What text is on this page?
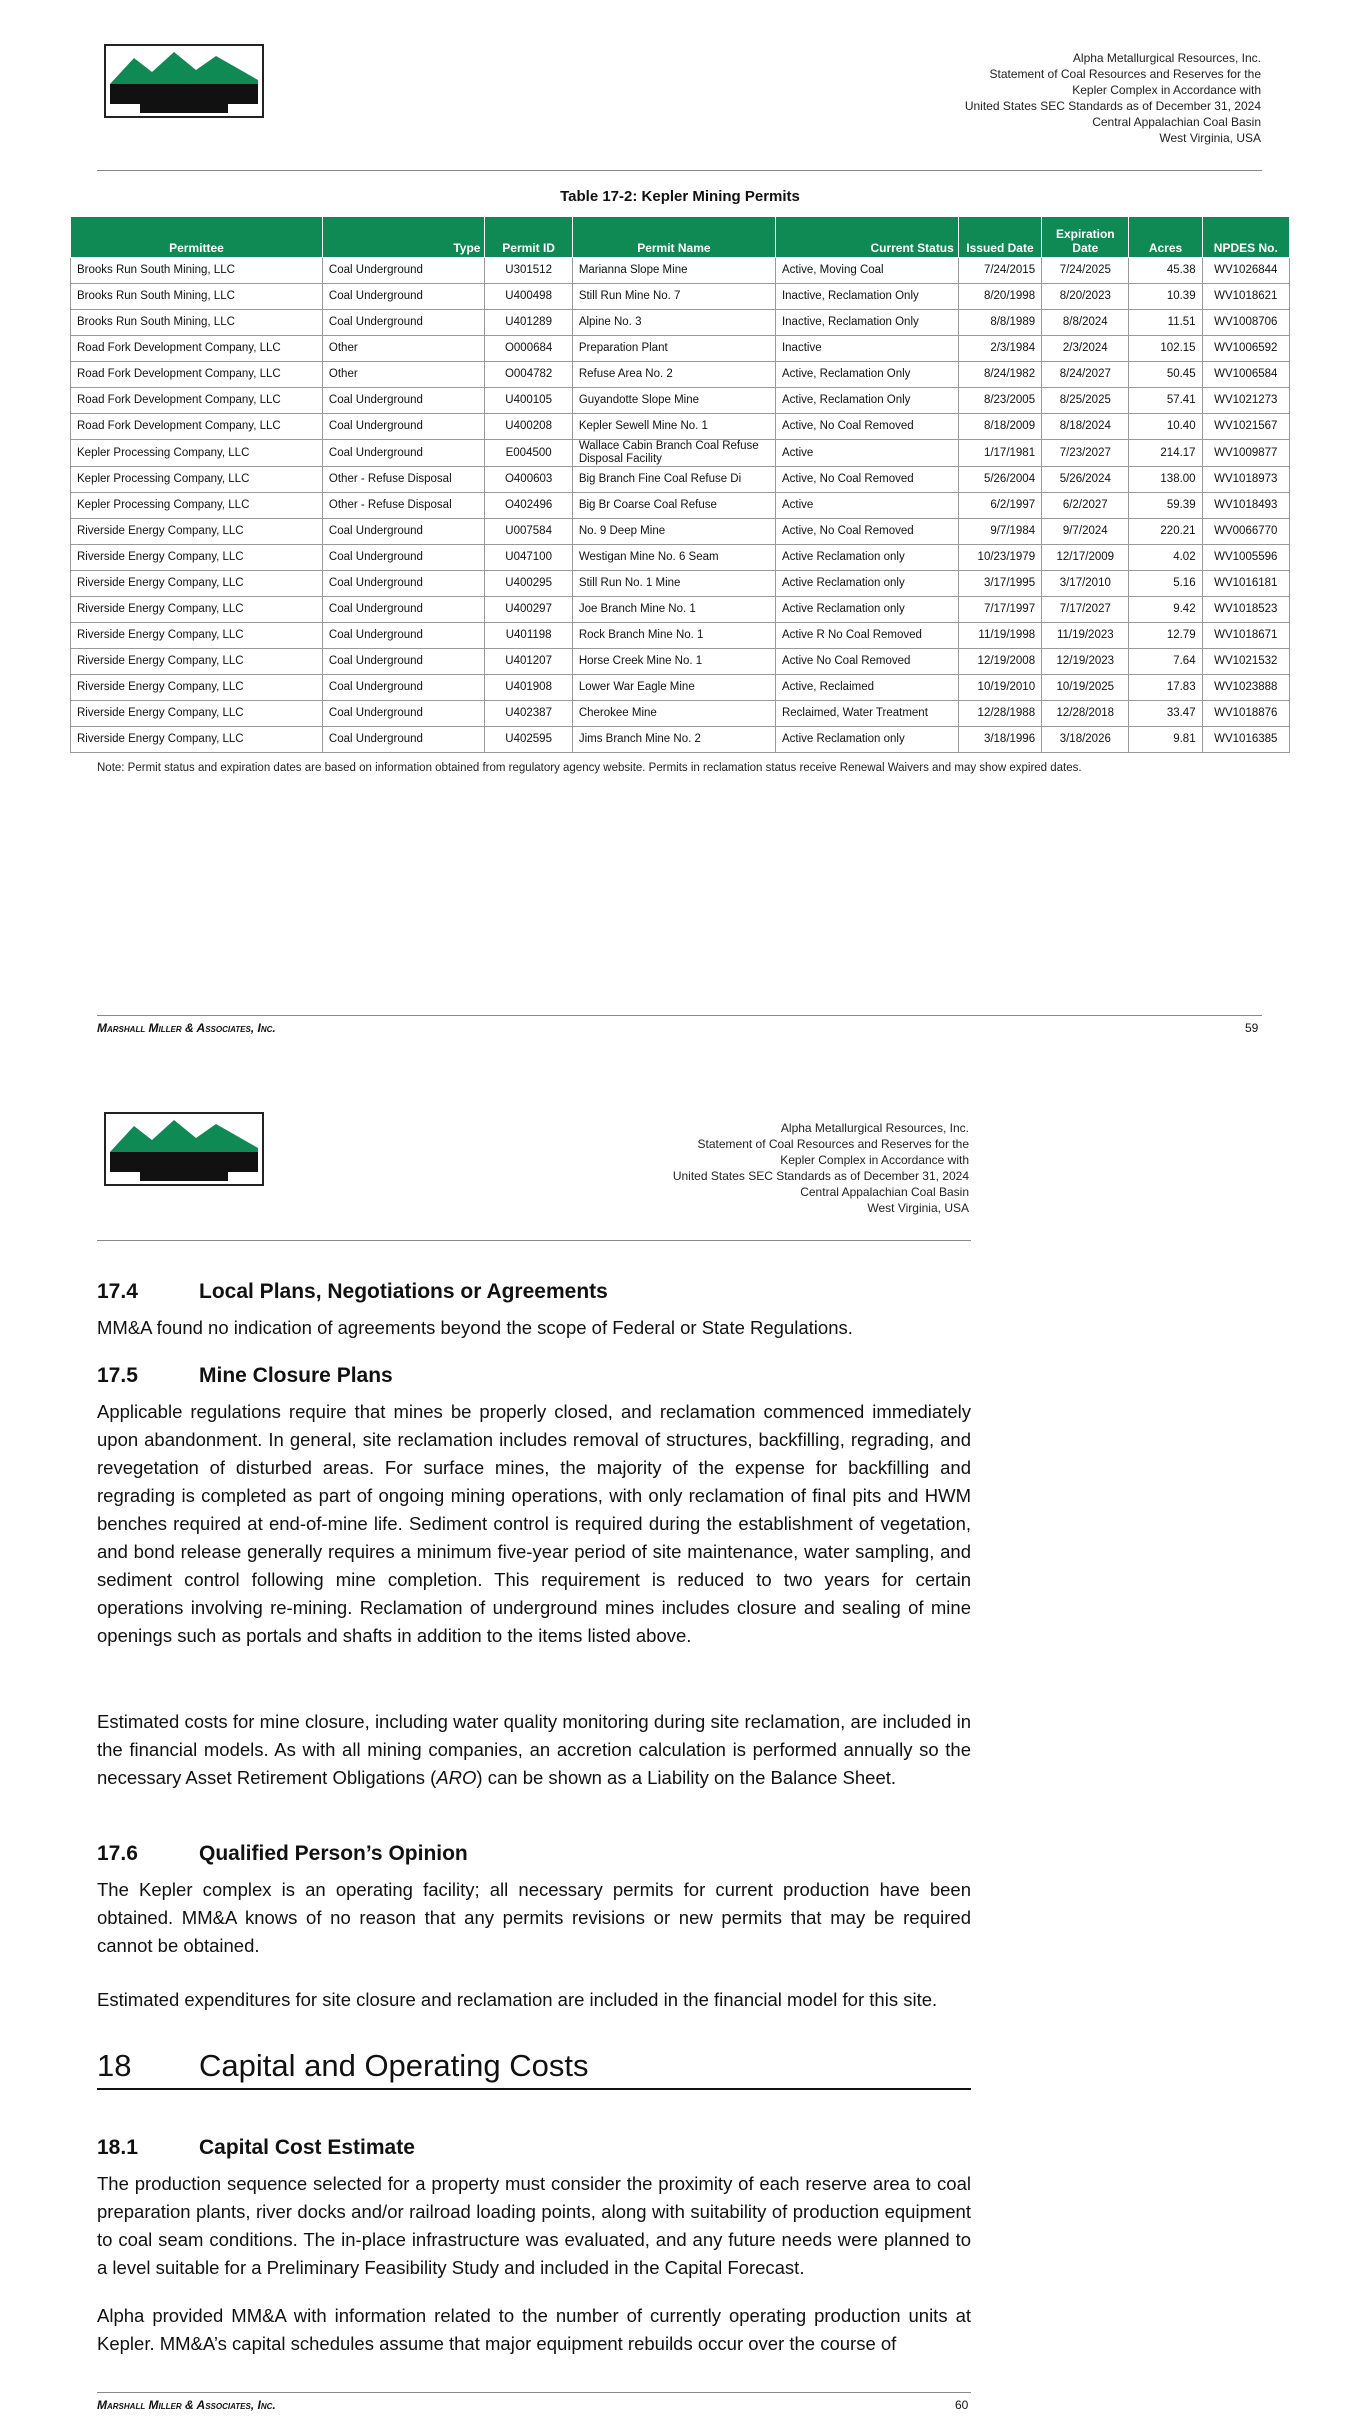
Alpha Metallurgical Resources, Inc.
Statement of Coal Resources and Reserves for the
Kepler Complex in Accordance with
United States SEC Standards as of December 31, 2024
Central Appalachian Coal Basin
West Virginia, USA
Table 17-2: Kepler Mining Permits
Permittee	Type	Permit ID	Permit Name	Current Status	Issued Date	Expiration Date	Acres	NPDES No.
Brooks Run South Mining, LLC	Coal Underground	U301512	Marianna Slope Mine	Active, Moving Coal	7/24/2015	7/24/2025	45.38	WV1026844
Brooks Run South Mining, LLC	Coal Underground	U400498	Still Run Mine No. 7	Inactive, Reclamation Only	8/20/1998	8/20/2023	10.39	WV1018621
Brooks Run South Mining, LLC	Coal Underground	U401289	Alpine No. 3	Inactive, Reclamation Only	8/8/1989	8/8/2024	11.51	WV1008706
Road Fork Development Company, LLC	Other	O000684	Preparation Plant	Inactive	2/3/1984	2/3/2024	102.15	WV1006592
Road Fork Development Company, LLC	Other	O004782	Refuse Area No. 2	Active, Reclamation Only	8/24/1982	8/24/2027	50.45	WV1006584
Road Fork Development Company, LLC	Coal Underground	U400105	Guyandotte Slope Mine	Active, Reclamation Only	8/23/2005	8/25/2025	57.41	WV1021273
Road Fork Development Company, LLC	Coal Underground	U400208	Kepler Sewell Mine No. 1	Active, No Coal Removed	8/18/2009	8/18/2024	10.40	WV1021567
Kepler Processing Company, LLC	Coal Underground	E004500	Wallace Cabin Branch Coal Refuse Disposal Facility	Active	1/17/1981	7/23/2027	214.17	WV1009877
Kepler Processing Company, LLC	Other - Refuse Disposal	O400603	Big Branch Fine Coal Refuse Di	Active, No Coal Removed	5/26/2004	5/26/2024	138.00	WV1018973
Kepler Processing Company, LLC	Other - Refuse Disposal	O402496	Big Br Coarse Coal Refuse	Active	6/2/1997	6/2/2027	59.39	WV1018493
Riverside Energy Company, LLC	Coal Underground	U007584	No. 9 Deep Mine	Active, No Coal Removed	9/7/1984	9/7/2024	220.21	WV0066770
Riverside Energy Company, LLC	Coal Underground	U047100	Westigan Mine No. 6 Seam	Active Reclamation only	10/23/1979	12/17/2009	4.02	WV1005596
Riverside Energy Company, LLC	Coal Underground	U400295	Still Run No. 1 Mine	Active Reclamation only	3/17/1995	3/17/2010	5.16	WV1016181
Riverside Energy Company, LLC	Coal Underground	U400297	Joe Branch Mine No. 1	Active Reclamation only	7/17/1997	7/17/2027	9.42	WV1018523
Riverside Energy Company, LLC	Coal Underground	U401198	Rock Branch Mine No. 1	Active R No Coal Removed	11/19/1998	11/19/2023	12.79	WV1018671
Riverside Energy Company, LLC	Coal Underground	U401207	Horse Creek Mine No. 1	Active No Coal Removed	12/19/2008	12/19/2023	7.64	WV1021532
Riverside Energy Company, LLC	Coal Underground	U401908	Lower War Eagle Mine	Active, Reclaimed	10/19/2010	10/19/2025	17.83	WV1023888
Riverside Energy Company, LLC	Coal Underground	U402387	Cherokee Mine	Reclaimed, Water Treatment	12/28/1988	12/28/2018	33.47	WV1018876
Riverside Energy Company, LLC	Coal Underground	U402595	Jims Branch Mine No. 2	Active Reclamation only	3/18/1996	3/18/2026	9.81	WV1016385
Note: Permit status and expiration dates are based on information obtained from regulatory agency website. Permits in reclamation status receive Renewal Waivers and may show expired dates.
Marshall Miller & Associates, Inc.	59
Alpha Metallurgical Resources, Inc.
Statement of Coal Resources and Reserves for the
Kepler Complex in Accordance with
United States SEC Standards as of December 31, 2024
Central Appalachian Coal Basin
West Virginia, USA
17.4	Local Plans, Negotiations or Agreements

MM&A found no indication of agreements beyond the scope of Federal or State Regulations.

17.5	Mine Closure Plans

Applicable regulations require that mines be properly closed, and reclamation commenced immediately upon abandonment. In general, site reclamation includes removal of structures, backfilling, regrading, and revegetation of disturbed areas. For surface mines, the majority of the expense for backfilling and regrading is completed as part of ongoing mining operations, with only reclamation of final pits and HWM benches required at end-of-mine life. Sediment control is required during the establishment of vegetation, and bond release generally requires a minimum five-year period of site maintenance, water sampling, and sediment control following mine completion. This requirement is reduced to two years for certain operations involving re-mining. Reclamation of underground mines includes closure and sealing of mine openings such as portals and shafts in addition to the items listed above.

Estimated costs for mine closure, including water quality monitoring during site reclamation, are included in the financial models. As with all mining companies, an accretion calculation is performed annually so the necessary Asset Retirement Obligations (ARO) can be shown as a Liability on the Balance Sheet.

17.6	Qualified Person’s Opinion

The Kepler complex is an operating facility; all necessary permits for current production have been obtained. MM&A knows of no reason that any permits revisions or new permits that may be required cannot be obtained.

Estimated expenditures for site closure and reclamation are included in the financial model for this site.

18 Capital and Operating Costs
18.1	Capital Cost Estimate

The production sequence selected for a property must consider the proximity of each reserve area to coal preparation plants, river docks and/or railroad loading points, along with suitability of production equipment to coal seam conditions. The in-place infrastructure was evaluated, and any future needs were planned to a level suitable for a Preliminary Feasibility Study and included in the Capital Forecast.

Alpha provided MM&A with information related to the number of currently operating production units at Kepler. MM&A’s capital schedules assume that major equipment rebuilds occur over the course of

Marshall Miller & Associates, Inc.	60
